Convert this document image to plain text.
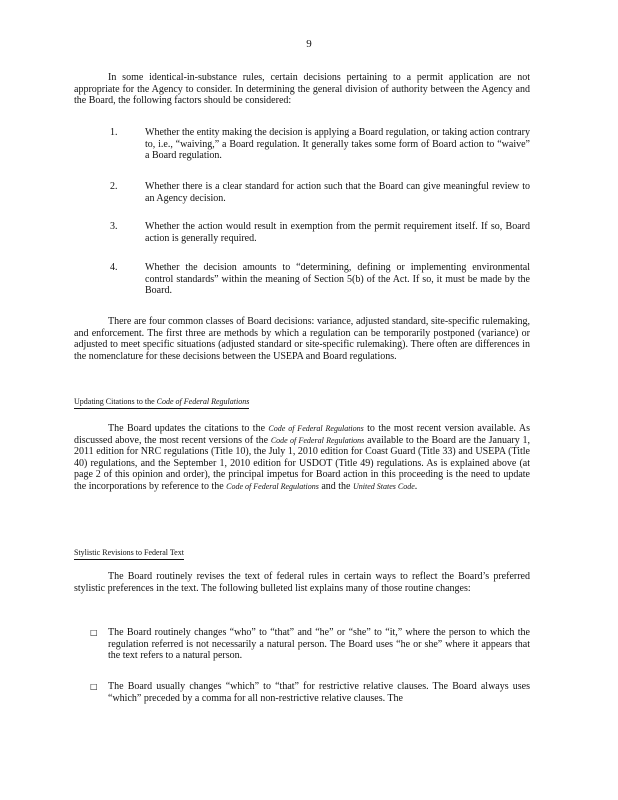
9

In some identical-in-substance rules, certain decisions pertaining to a permit application are not appropriate for the Agency to consider. In determining the general division of authority between the Agency and the Board, the following factors should be considered:

1.	Whether the entity making the decision is applying a Board regulation, or taking action contrary to, i.e., “waiving,” a Board regulation. It generally takes some form of Board action to “waive” a Board regulation.
2.	Whether there is a clear standard for action such that the Board can give meaningful review to an Agency decision.
3.	Whether the action would result in exemption from the permit requirement itself. If so, Board action is generally required.
4.	Whether the decision amounts to “determining, defining or implementing environmental control standards” within the meaning of Section 5(b) of the Act. If so, it must be made by the Board.

There are four common classes of Board decisions: variance, adjusted standard, site-specific rulemaking, and enforcement. The first three are methods by which a regulation can be temporarily postponed (variance) or adjusted to meet specific situations (adjusted standard or site-specific rulemaking). There often are differences in the nomenclature for these decisions between the USEPA and Board regulations.

Updating Citations to the Code of Federal Regulations

The Board updates the citations to the Code of Federal Regulations to the most recent version available. As discussed above, the most recent versions of the Code of Federal Regulations available to the Board are the January 1, 2011 edition for NRC regulations (Title 10), the July 1, 2010 edition for Coast Guard (Title 33) and USEPA (Title 40) regulations, and the September 1, 2010 edition for USDOT (Title 49) regulations. As is explained above (at page 2 of this opinion and order), the principal impetus for Board action in this proceeding is the need to update the incorporations by reference to the Code of Federal Regulations and the United States Code.

Stylistic Revisions to Federal Text

The Board routinely revises the text of federal rules in certain ways to reflect the Board’s preferred stylistic preferences in the text. The following bulleted list explains many of those routine changes:

□ The Board routinely changes “who” to “that” and “he” or “she” to “it,” where the person to which the regulation referred is not necessarily a natural person. The Board uses “he or she” where it appears that the text refers to a natural person.
□ The Board usually changes “which” to “that” for restrictive relative clauses. The Board always uses “which” preceded by a comma for all non-restrictive relative clauses. The
